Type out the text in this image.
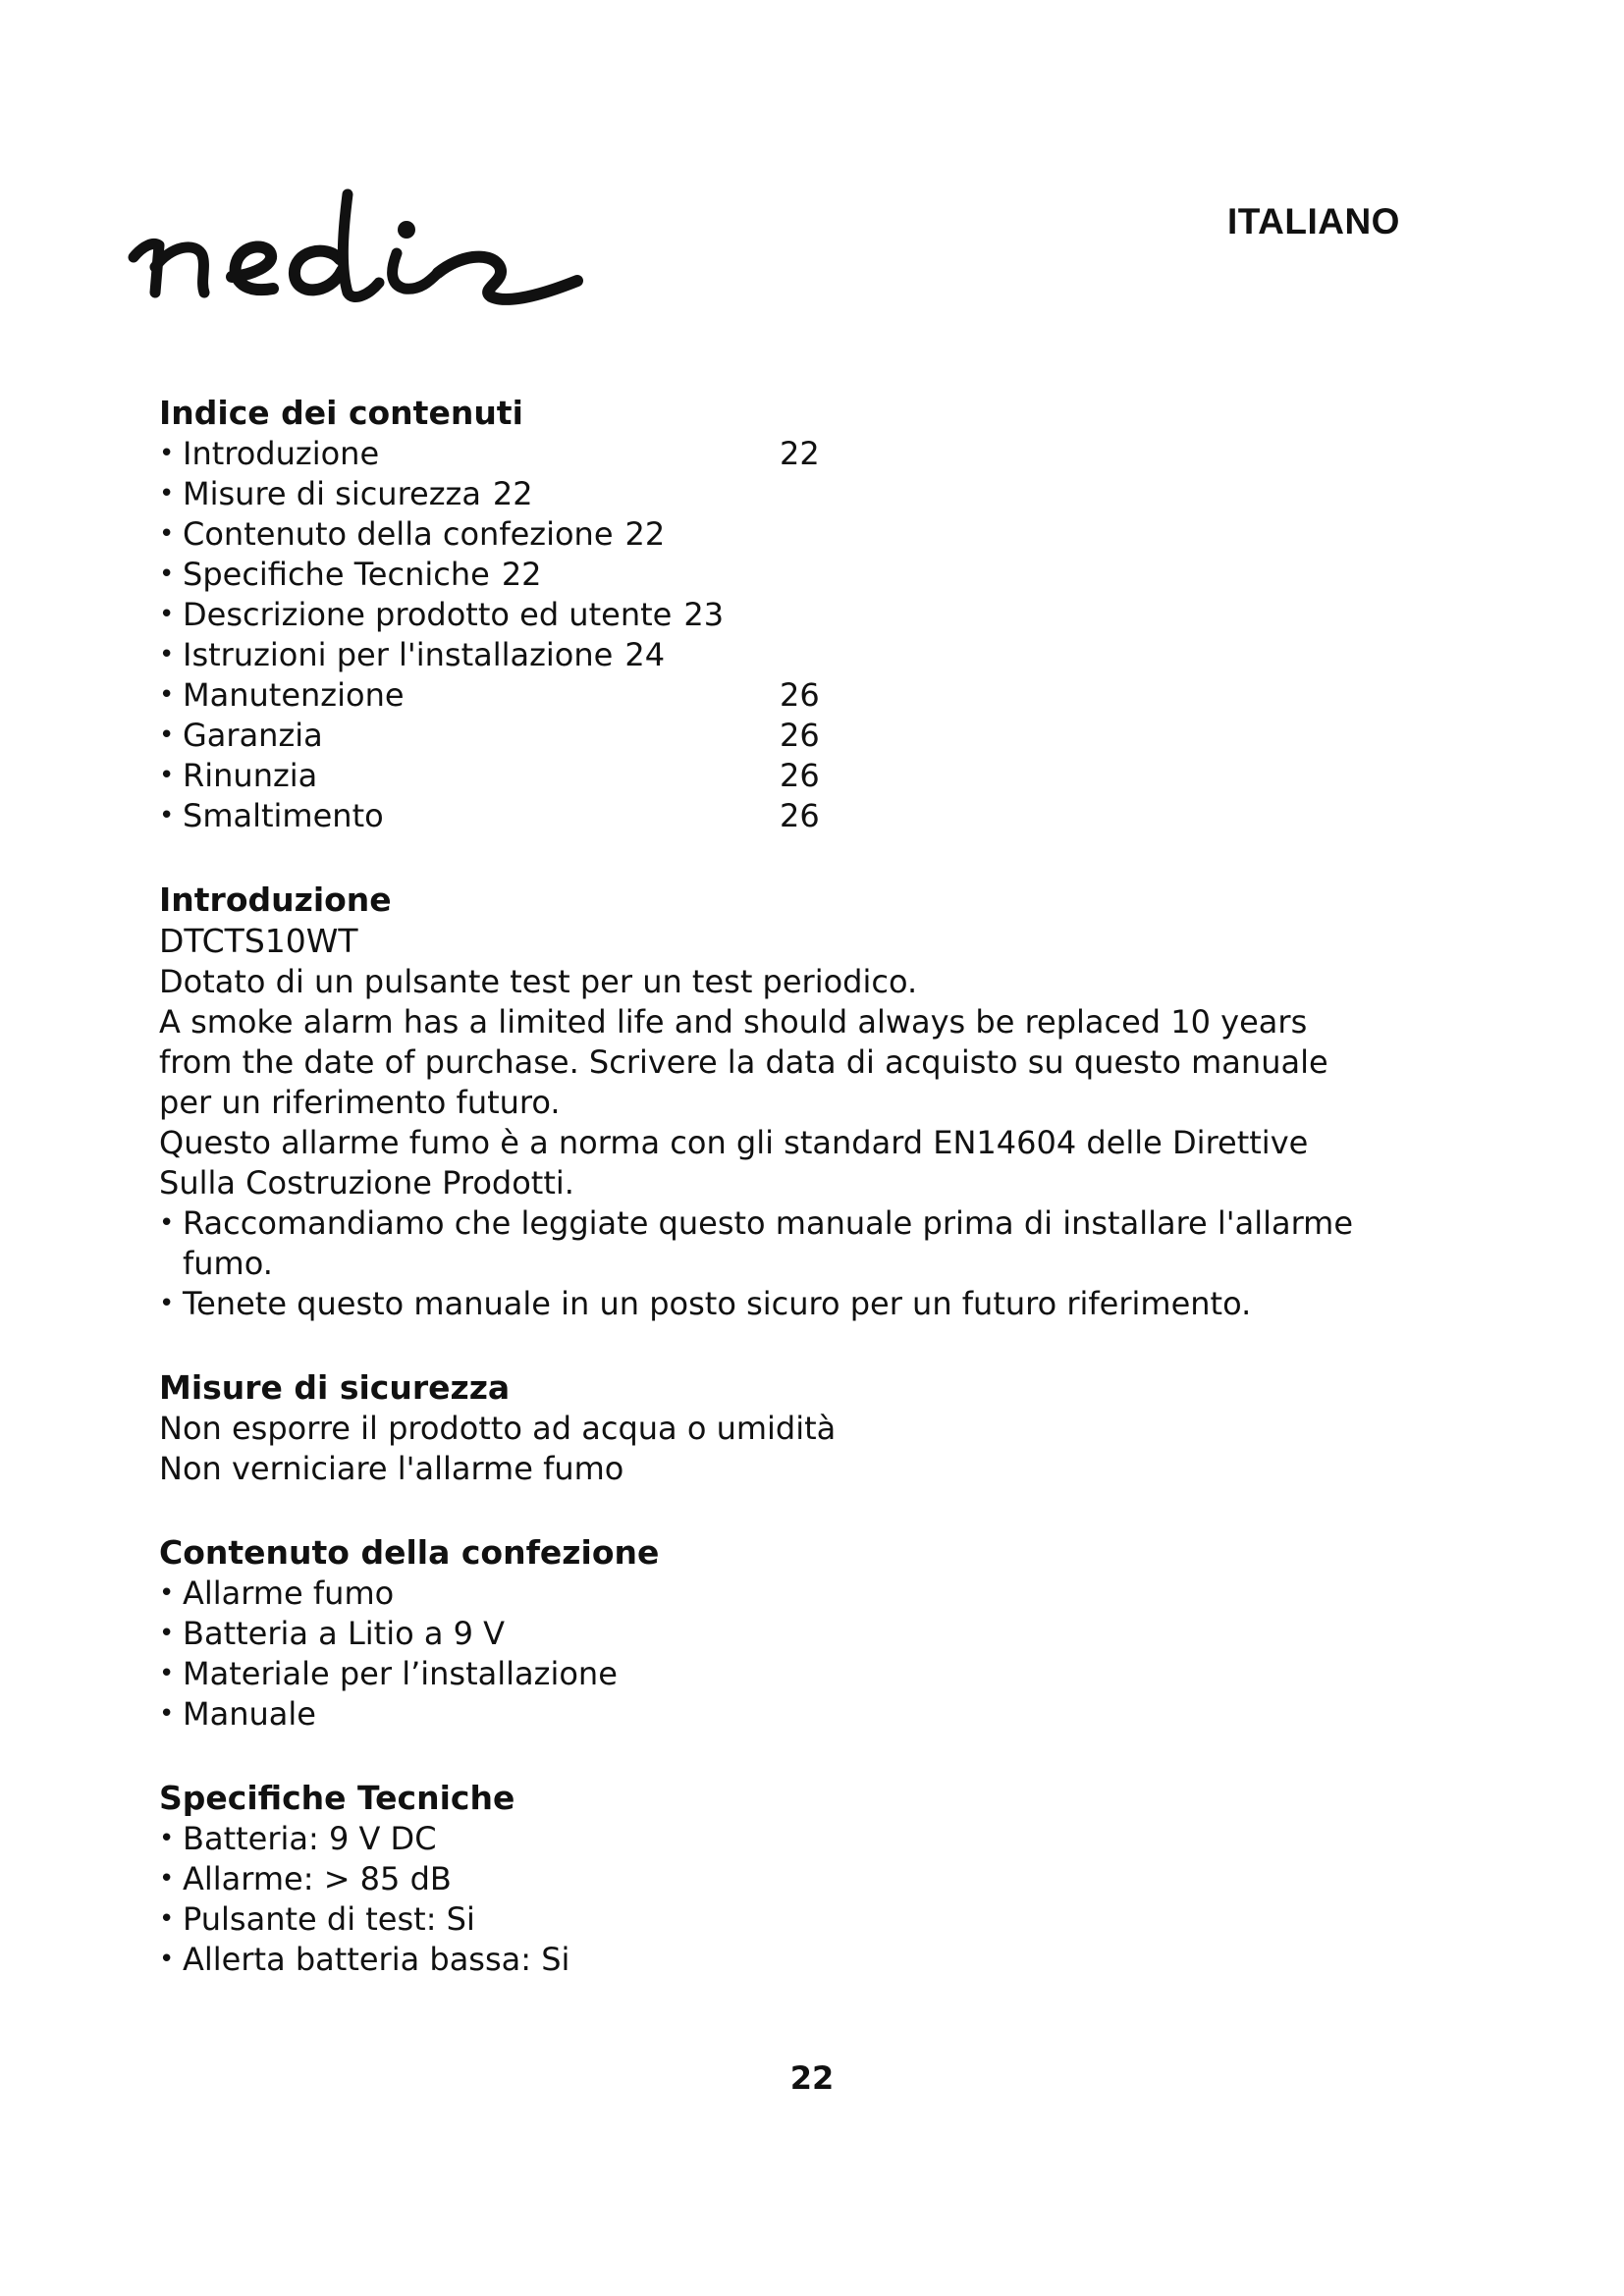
ITALIANO
Indice dei contenuti
• Introduzione	22
• Misure di sicurezza 22
• Contenuto della confezione 22
• Specifiche Tecniche 22
• Descrizione prodotto ed utente 23
• Istruzioni per l'installazione 24
• Manutenzione	26
• Garanzia	26
• Rinunzia	26
• Smaltimento	26
Introduzione
DTCTS10WT

Dotato di un pulsante test per un test periodico.

A smoke alarm has a limited life and should always be replaced 10 years from the date of purchase. Scrivere la data di acquisto su questo manuale per un riferimento futuro.

Questo allarme fumo è a norma con gli standard EN14604 delle Direttive Sulla Costruzione Prodotti.

• Raccomandiamo che leggiate questo manuale prima di installare l'allarme fumo.
• Tenete questo manuale in un posto sicuro per un futuro riferimento.
Misure di sicurezza

Non esporre il prodotto ad acqua o umidità

Non verniciare l'allarme fumo

Contenuto della confezione
• Allarme fumo
• Batteria a Litio a 9 V
• Materiale per l’installazione
• Manuale
Specifiche Tecniche
• Batteria: 9 V DC
• Allarme: > 85 dB
• Pulsante di test: Si
• Allerta batteria bassa: Si
22
